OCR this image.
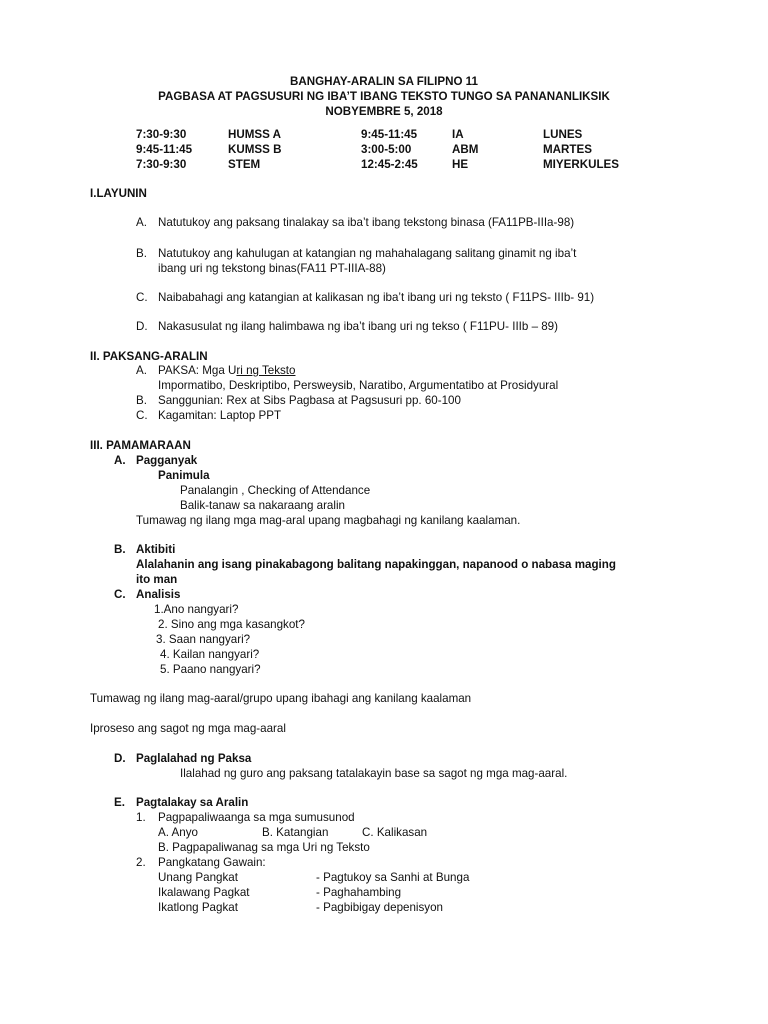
BANGHAY-ARALIN SA FILIPNO 11
PAGBASA AT PAGSUSURI NG IBA’T IBANG TEKSTO TUNGO SA PANANANLIKSIK
NOBYEMBRE 5, 2018
7:30-9:30	HUMSS A	9:45-11:45	IA	LUNES
9:45-11:45	KUMSS B	3:00-5:00	ABM	MARTES
7:30-9:30	STEM	12:45-2:45	HE	MIYERKULES
I.LAYUNIN
A. Natutukoy ang paksang tinalakay sa iba’t ibang tekstong binasa (FA11PB-IIIa-98)
B. Natutukoy ang kahulugan at katangian ng mahahalagang salitang ginamit ng iba’t
ibang uri ng tekstong binas(FA11 PT-IIIA-88)
C. Naibabahagi ang katangian at kalikasan ng iba’t ibang uri ng teksto ( F11PS- IIIb- 91)
D. Nakasusulat ng ilang halimbawa ng iba’t ibang uri ng tekso ( F11PU- IIIb – 89)
II. PAKSANG-ARALIN
A. PAKSA: Mga Uri ng Teksto
Impormatibo, Deskriptibo, Persweysib, Naratibo, Argumentatibo at Prosidyural
B. Sanggunian: Rex at Sibs Pagbasa at Pagsusuri pp. 60-100
C. Kagamitan: Laptop PPT
III. PAMAMARAAN
A. Pagganyak
Panimula
Panalangin , Checking of Attendance
Balik-tanaw sa nakaraang aralin
Tumawag ng ilang mga mag-aral upang magbahagi ng kanilang kaalaman.
B. Aktibiti
Alalahanin ang isang pinakabagong balitang napakinggan, napanood o nabasa maging
ito man
C. Analisis
1.Ano nangyari?
2. Sino ang mga kasangkot?
3. Saan nangyari?
4. Kailan nangyari?
5. Paano nangyari?
Tumawag ng ilang mag-aaral/grupo upang ibahagi ang kanilang kaalaman
Iproseso ang sagot ng mga mag-aaral
D. Paglalahad ng Paksa
Ilalahad ng guro ang paksang tatalakayin base sa sagot ng mga mag-aaral.
E. Pagtalakay sa Aralin
1. Pagpapaliwaanga sa mga sumusunod
A. Anyo	B. Katangian	C. Kalikasan
B. Pagpapaliwanag sa mga Uri ng Teksto
2. Pangkatang Gawain:
Unang Pangkat	- Pagtukoy sa Sanhi at Bunga
Ikalawang Pagkat	- Paghahambing
Ikatlong Pagkat	- Pagbibigay depenisyon
